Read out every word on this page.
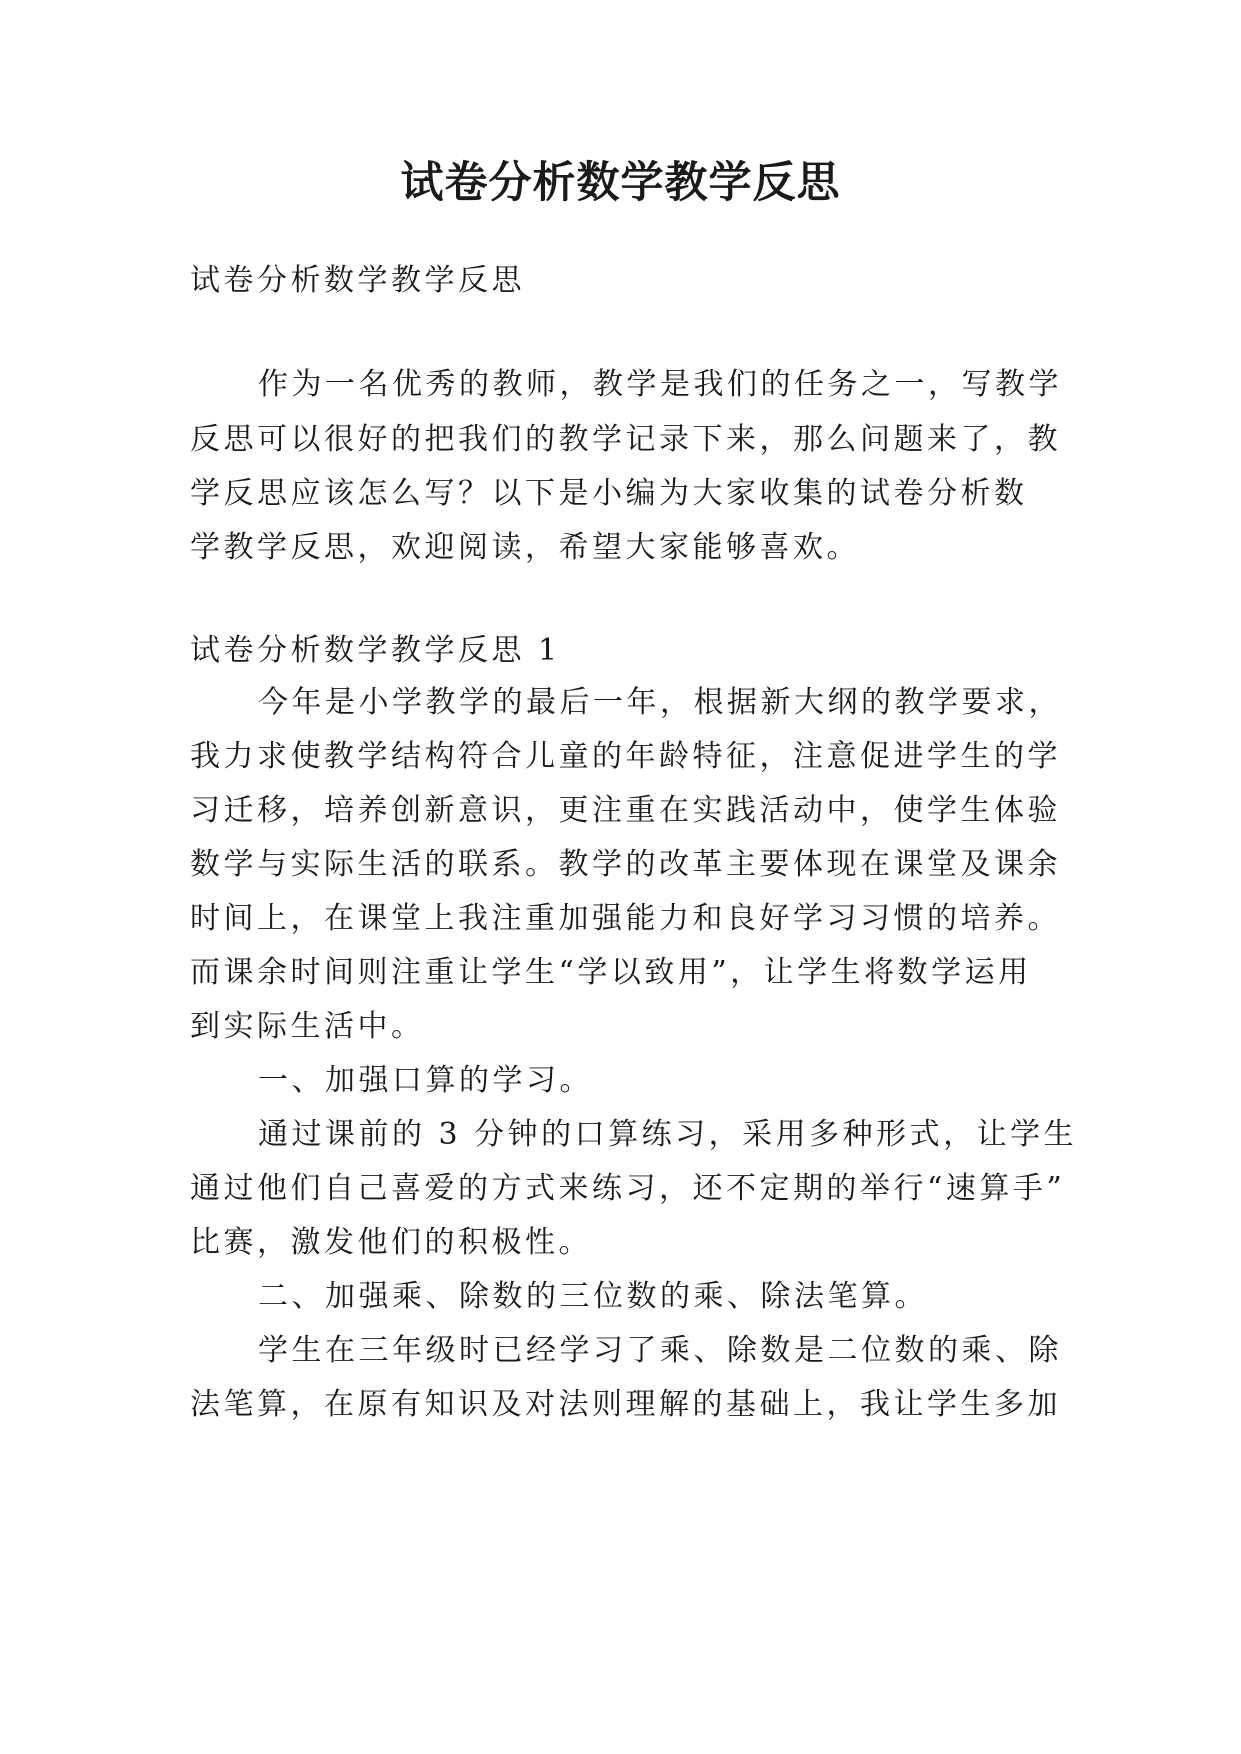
试卷分析数学教学反思

试卷分析数学教学反思

作为一名优秀的教师，教学是我们的任务之一，写教学

反思可以很好的把我们的教学记录下来，那么问题来了，教

学反思应该怎么写？以下是小编为大家收集的试卷分析数

学教学反思，欢迎阅读，希望大家能够喜欢。

试卷分析数学教学反思 1

今年是小学教学的最后一年，根据新大纲的教学要求，

我力求使教学结构符合儿童的年龄特征，注意促进学生的学

习迁移，培养创新意识，更注重在实践活动中，使学生体验

数学与实际生活的联系。教学的改革主要体现在课堂及课余

时间上，在课堂上我注重加强能力和良好学习习惯的培养。

而课余时间则注重让学生“学以致用”，让学生将数学运用

到实际生活中。

一、加强口算的学习。

通过课前的 3 分钟的口算练习，采用多种形式，让学生

通过他们自己喜爱的方式来练习，还不定期的举行“速算手”

比赛，激发他们的积极性。

二、加强乘、除数的三位数的乘、除法笔算。

学生在三年级时已经学习了乘、除数是二位数的乘、除

法笔算，在原有知识及对法则理解的基础上，我让学生多加
